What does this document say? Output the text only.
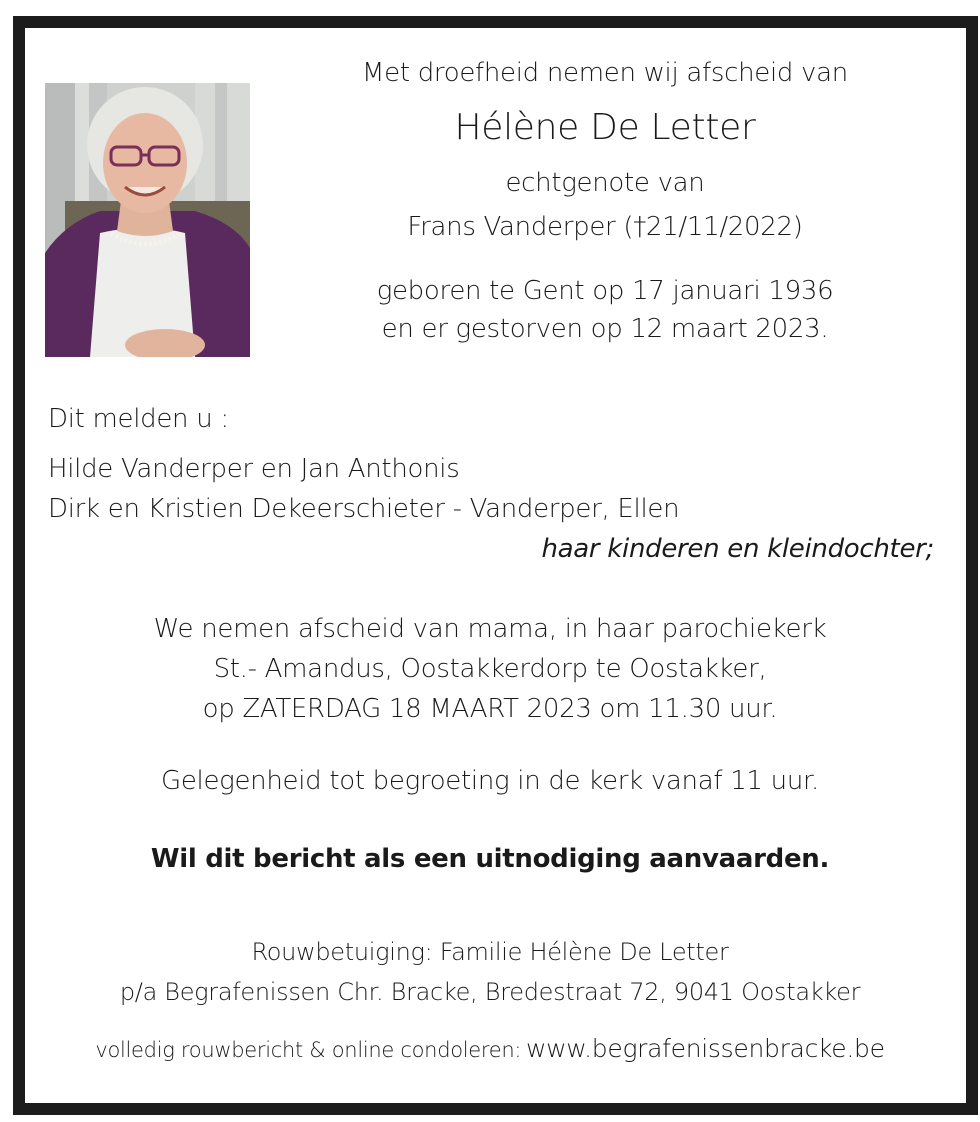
Met droefheid nemen wij afscheid van
Hélène De Letter
echtgenote van
Frans Vanderper (†21/11/2022)
geboren te Gent op 17 januari 1936
en er gestorven op 12 maart 2023.
Dit melden u :
Hilde Vanderper en Jan Anthonis
Dirk en Kristien Dekeerschieter - Vanderper, Ellen
haar kinderen en kleindochter;
We nemen afscheid van mama, in haar parochiekerk
St.- Amandus, Oostakkerdorp te Oostakker,
op ZATERDAG 18 MAART 2023 om 11.30 uur.
Gelegenheid tot begroeting in de kerk vanaf 11 uur.
Wil dit bericht als een uitnodiging aanvaarden.
Rouwbetuiging: Familie Hélène De Letter
p/a Begrafenissen Chr. Bracke, Bredestraat 72, 9041 Oostakker
volledig rouwbericht & online condoleren: www.begrafenissenbracke.be
